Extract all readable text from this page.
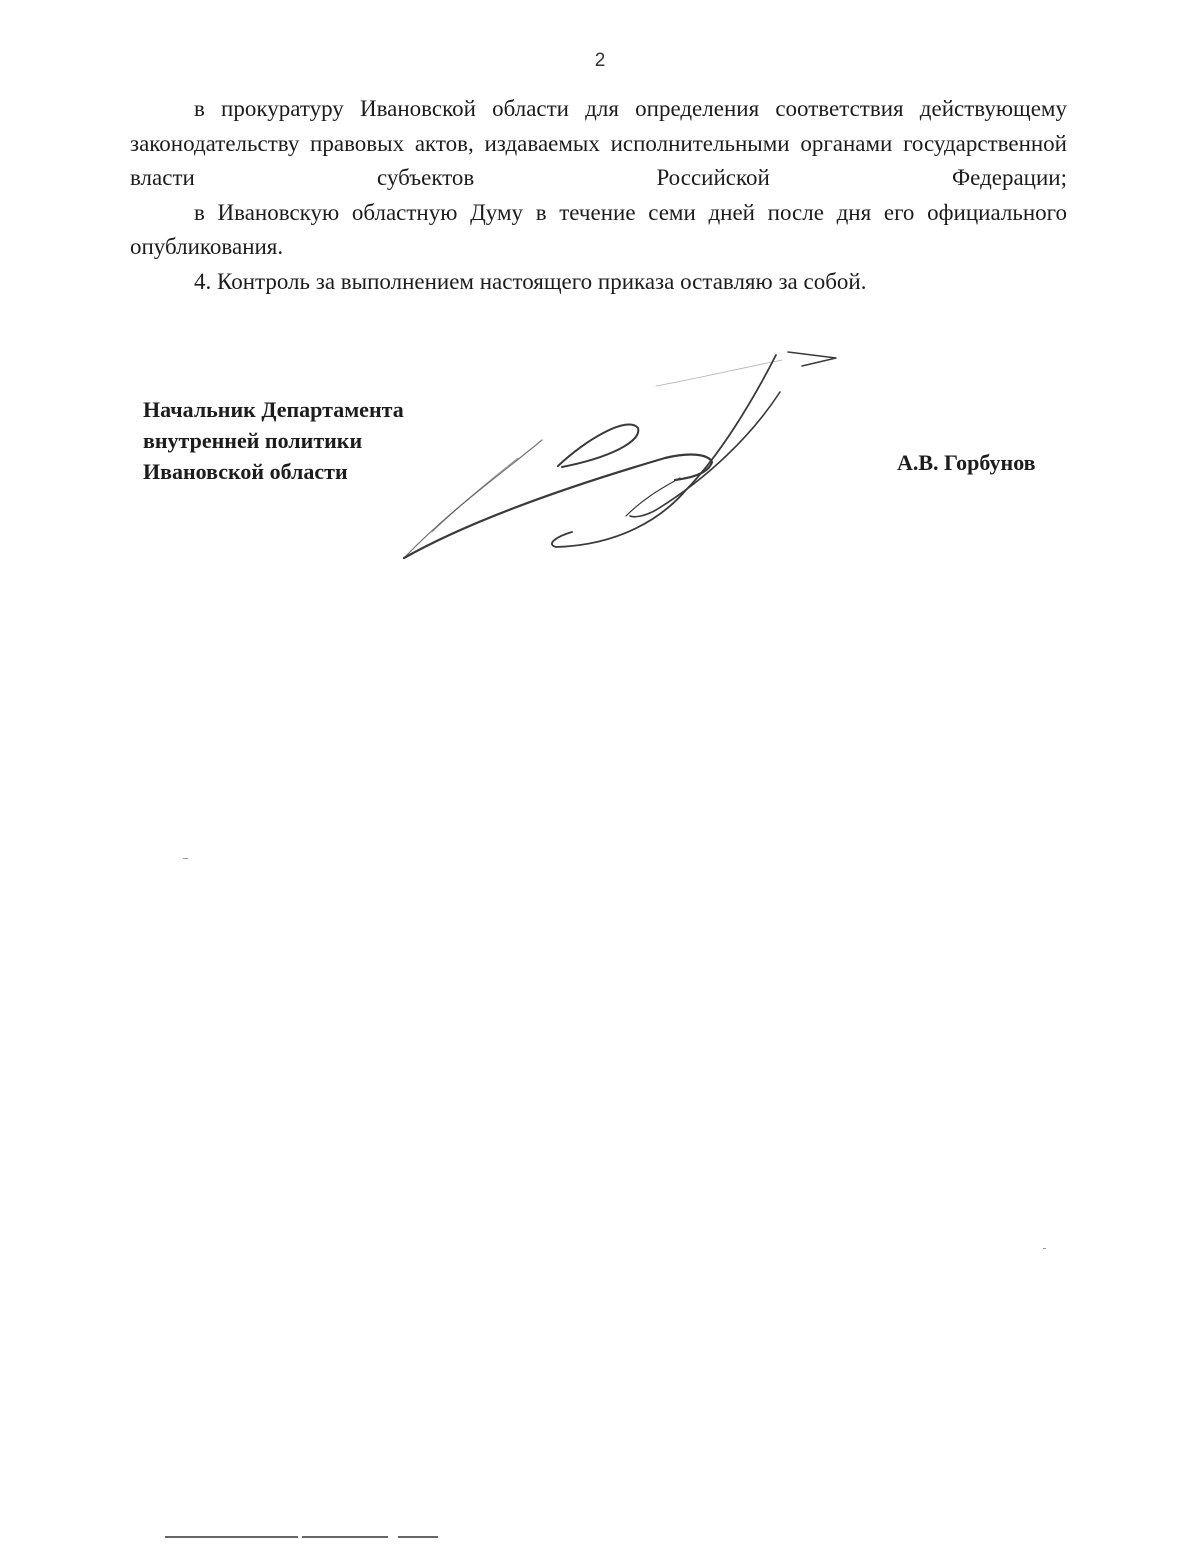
2

в прокуратуру Ивановской области для определения соответствия действующему законодательству правовых актов, издаваемых исполнительными органами государственной власти субъектов Российской Федерации;

в Ивановскую областную Думу в течение семи дней после дня его официального опубликования.

4. Контроль за выполнением настоящего приказа оставляю за собой.

Начальник Департамента
внутренней политики
Ивановской области	А.В. Горбунов
